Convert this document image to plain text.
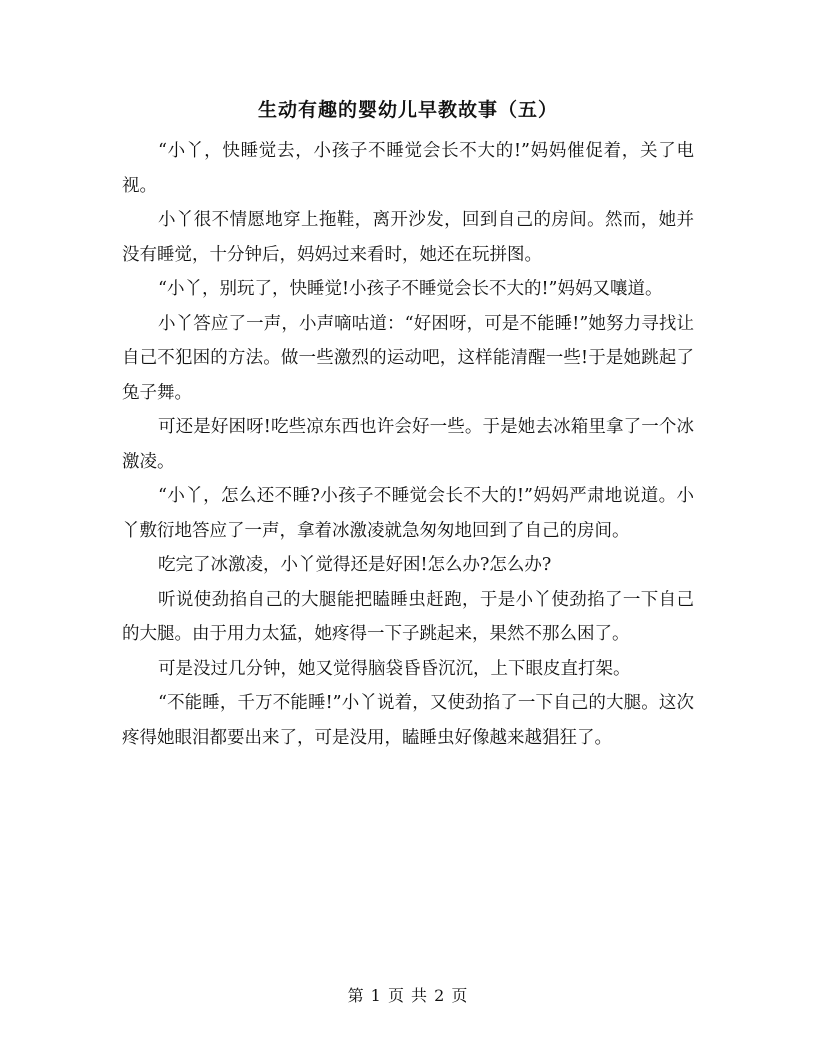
生动有趣的婴幼儿早教故事（五）

“小丫，快睡觉去，小孩子不睡觉会长不大的!”妈妈催促着，关了电视。

小丫很不情愿地穿上拖鞋，离开沙发，回到自己的房间。然而，她并没有睡觉，十分钟后，妈妈过来看时，她还在玩拼图。

“小丫，别玩了，快睡觉!小孩子不睡觉会长不大的!”妈妈又嚷道。

小丫答应了一声，小声嘀咕道：“好困呀，可是不能睡!”她努力寻找让自己不犯困的方法。做一些激烈的运动吧，这样能清醒一些!于是她跳起了兔子舞。

可还是好困呀!吃些凉东西也许会好一些。于是她去冰箱里拿了一个冰激凌。

“小丫，怎么还不睡?小孩子不睡觉会长不大的!”妈妈严肃地说道。小丫敷衍地答应了一声，拿着冰激凌就急匆匆地回到了自己的房间。

吃完了冰激凌，小丫觉得还是好困!怎么办?怎么办?

听说使劲掐自己的大腿能把瞌睡虫赶跑，于是小丫使劲掐了一下自己的大腿。由于用力太猛，她疼得一下子跳起来，果然不那么困了。

可是没过几分钟，她又觉得脑袋昏昏沉沉，上下眼皮直打架。

“不能睡，千万不能睡!”小丫说着，又使劲掐了一下自己的大腿。这次疼得她眼泪都要出来了，可是没用，瞌睡虫好像越来越猖狂了。

第 1 页 共 2 页
